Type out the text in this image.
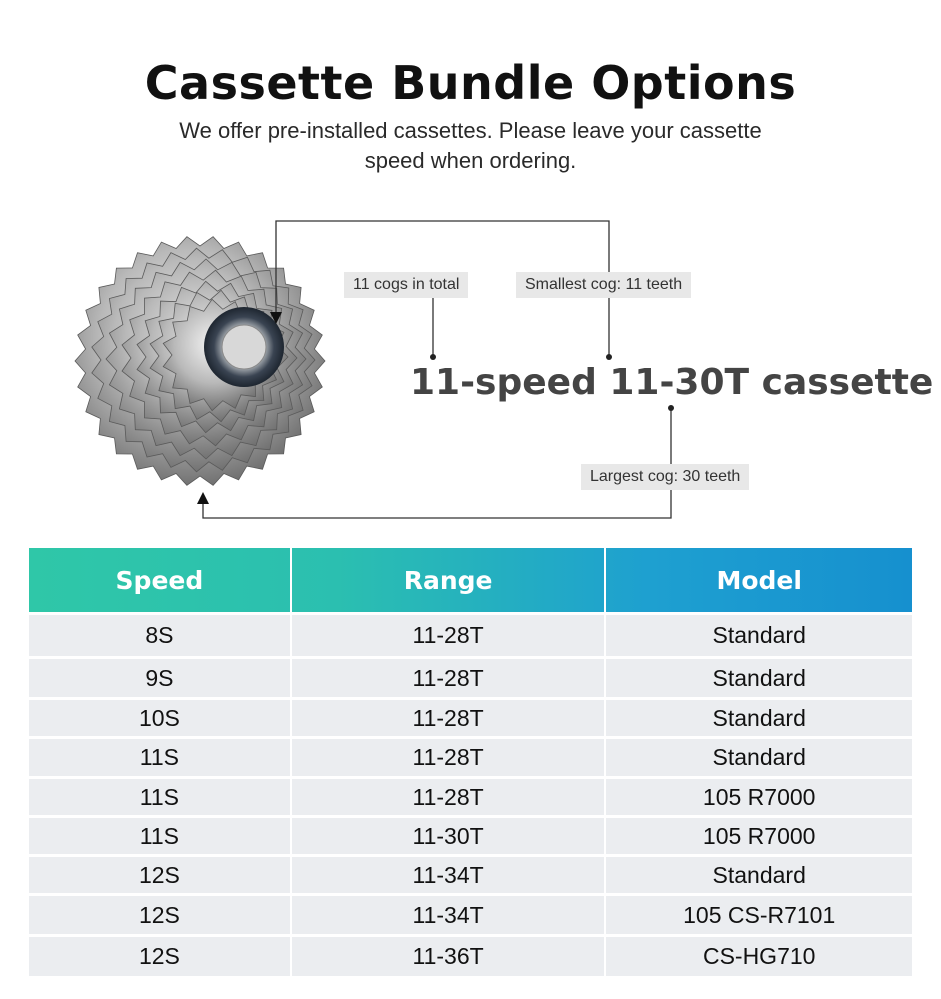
Cassette Bundle Options
We offer pre-installed cassettes. Please leave your cassette speed when ordering.
11 cogs in total	Smallest cog: 11 teeth
Largest cog: 30 teeth
11-speed 11-30T cassette
Speed	Range	Model
8S	11-28T	Standard
9S	11-28T	Standard
10S	11-28T	Standard
11S	11-28T	Standard
11S	11-28T	105 R7000
11S	11-30T	105 R7000
12S	11-34T	Standard
12S	11-34T	105 CS-R7101
12S	11-36T	CS-HG710
